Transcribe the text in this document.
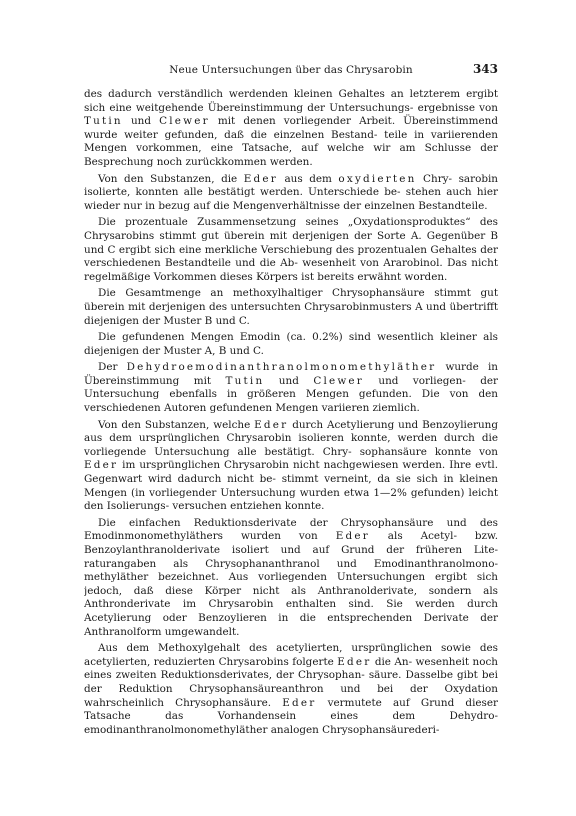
Neue Untersuchungen über das Chrysarobin	343

des dadurch verständlich werdenden kleinen Gehaltes an letzterem ergibt sich eine weitgehende Übereinstimmung der Untersuchungs- ergebnisse von Tutin und Clewer mit denen vorliegender Arbeit. Übereinstimmend wurde weiter gefunden, daß die einzelnen Bestand- teile in variierenden Mengen vorkommen, eine Tatsache, auf welche wir am Schlusse der Besprechung noch zurückkommen werden.

Von den Substanzen, die Eder aus dem oxydierten Chry- sarobin isolierte, konnten alle bestätigt werden. Unterschiede be- stehen auch hier wieder nur in bezug auf die Mengenverhältnisse der einzelnen Bestandteile.

Die prozentuale Zusammensetzung seines „Oxydationsproduktes“ des Chrysarobins stimmt gut überein mit derjenigen der Sorte A. Gegenüber B und C ergibt sich eine merkliche Verschiebung des prozentualen Gehaltes der verschiedenen Bestandteile und die Ab- wesenheit von Ararobinol. Das nicht regelmäßige Vorkommen dieses Körpers ist bereits erwähnt worden.

Die Gesamtmenge an methoxylhaltiger Chrysophansäure stimmt gut überein mit derjenigen des untersuchten Chrysarobinmusters A und übertrifft diejenigen der Muster B und C.

Die gefundenen Mengen Emodin (ca. 0.2%) sind wesentlich kleiner als diejenigen der Muster A, B und C.

Der Dehydroemodinanthranolmonomethyläther wurde in Übereinstimmung mit Tutin und Clewer und vorliegen- der Untersuchung ebenfalls in größeren Mengen gefunden. Die von den verschiedenen Autoren gefundenen Mengen variieren ziemlich.

Von den Substanzen, welche Eder durch Acetylierung und Benzoylierung aus dem ursprünglichen Chrysarobin isolieren konnte, werden durch die vorliegende Untersuchung alle bestätigt. Chry- sophansäure konnte von Eder im ursprünglichen Chrysarobin nicht nachgewiesen werden. Ihre evtl. Gegenwart wird dadurch nicht be- stimmt verneint, da sie sich in kleinen Mengen (in vorliegender Untersuchung wurden etwa 1—2% gefunden) leicht den Isolierungs- versuchen entziehen konnte.

Die einfachen Reduktionsderivate der Chrysophansäure und des Emodinmonomethyläthers wurden von Eder als Acetyl- bzw. Benzoylanthranolderivate isoliert und auf Grund der früheren Lite- raturangaben als Chrysophananthranol und Emodinanthranolmono- methyläther bezeichnet. Aus vorliegenden Untersuchungen ergibt sich jedoch, daß diese Körper nicht als Anthranolderivate, sondern als Anthronderivate im Chrysarobin enthalten sind. Sie werden durch Acetylierung oder Benzoylieren in die entsprechenden Derivate der Anthranolform umgewandelt.

Aus dem Methoxylgehalt des acetylierten, ursprünglichen sowie des acetylierten, reduzierten Chrysarobins folgerte Eder die An- wesenheit noch eines zweiten Reduktionsderivates, der Chrysophan- säure. Dasselbe gibt bei der Reduktion Chrysophansäureanthron und bei der Oxydation wahrscheinlich Chrysophansäure. Eder vermutete auf Grund dieser Tatsache das Vorhandensein eines dem Dehydro- emodinanthranolmonomethyläther analogen Chrysophansäurederi-
